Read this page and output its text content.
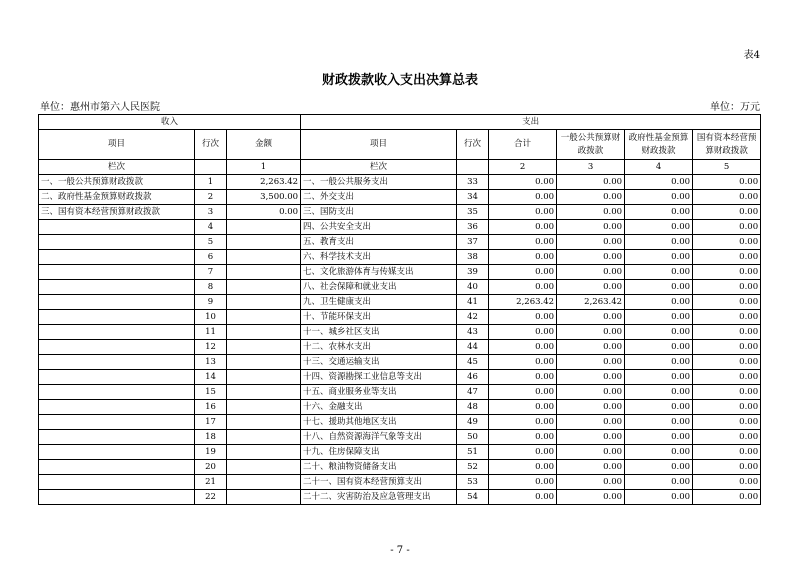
表4
财政拨款收入支出决算总表
单位：惠州市第六人民医院	单位：万元
收入			支出					
项目	行次	金额	项目	行次	合计	一般公共预算财政拨款	政府性基金预算财政拨款	国有资本经营预算财政拨款
栏次		1	栏次		2	3	4	5
一、一般公共预算财政拨款	1	2,263.42	一、一般公共服务支出	33	0.00	0.00	0.00	0.00
二、政府性基金预算财政拨款	2	3,500.00	二、外交支出	34	0.00	0.00	0.00	0.00
三、国有资本经营预算财政拨款	3	0.00	三、国防支出	35	0.00	0.00	0.00	0.00
	4		四、公共安全支出	36	0.00	0.00	0.00	0.00
	5		五、教育支出	37	0.00	0.00	0.00	0.00
	6		六、科学技术支出	38	0.00	0.00	0.00	0.00
	7		七、文化旅游体育与传媒支出	39	0.00	0.00	0.00	0.00
	8		八、社会保障和就业支出	40	0.00	0.00	0.00	0.00
	9		九、卫生健康支出	41	2,263.42	2,263.42	0.00	0.00
	10		十、节能环保支出	42	0.00	0.00	0.00	0.00
	11		十一、城乡社区支出	43	0.00	0.00	0.00	0.00
	12		十二、农林水支出	44	0.00	0.00	0.00	0.00
	13		十三、交通运输支出	45	0.00	0.00	0.00	0.00
	14		十四、资源勘探工业信息等支出	46	0.00	0.00	0.00	0.00
	15		十五、商业服务业等支出	47	0.00	0.00	0.00	0.00
	16		十六、金融支出	48	0.00	0.00	0.00	0.00
	17		十七、援助其他地区支出	49	0.00	0.00	0.00	0.00
	18		十八、自然资源海洋气象等支出	50	0.00	0.00	0.00	0.00
	19		十九、住房保障支出	51	0.00	0.00	0.00	0.00
	20		二十、粮油物资储备支出	52	0.00	0.00	0.00	0.00
	21		二十一、国有资本经营预算支出	53	0.00	0.00	0.00	0.00
	22		二十二、灾害防治及应急管理支出	54	0.00	0.00	0.00	0.00
- 7 -
